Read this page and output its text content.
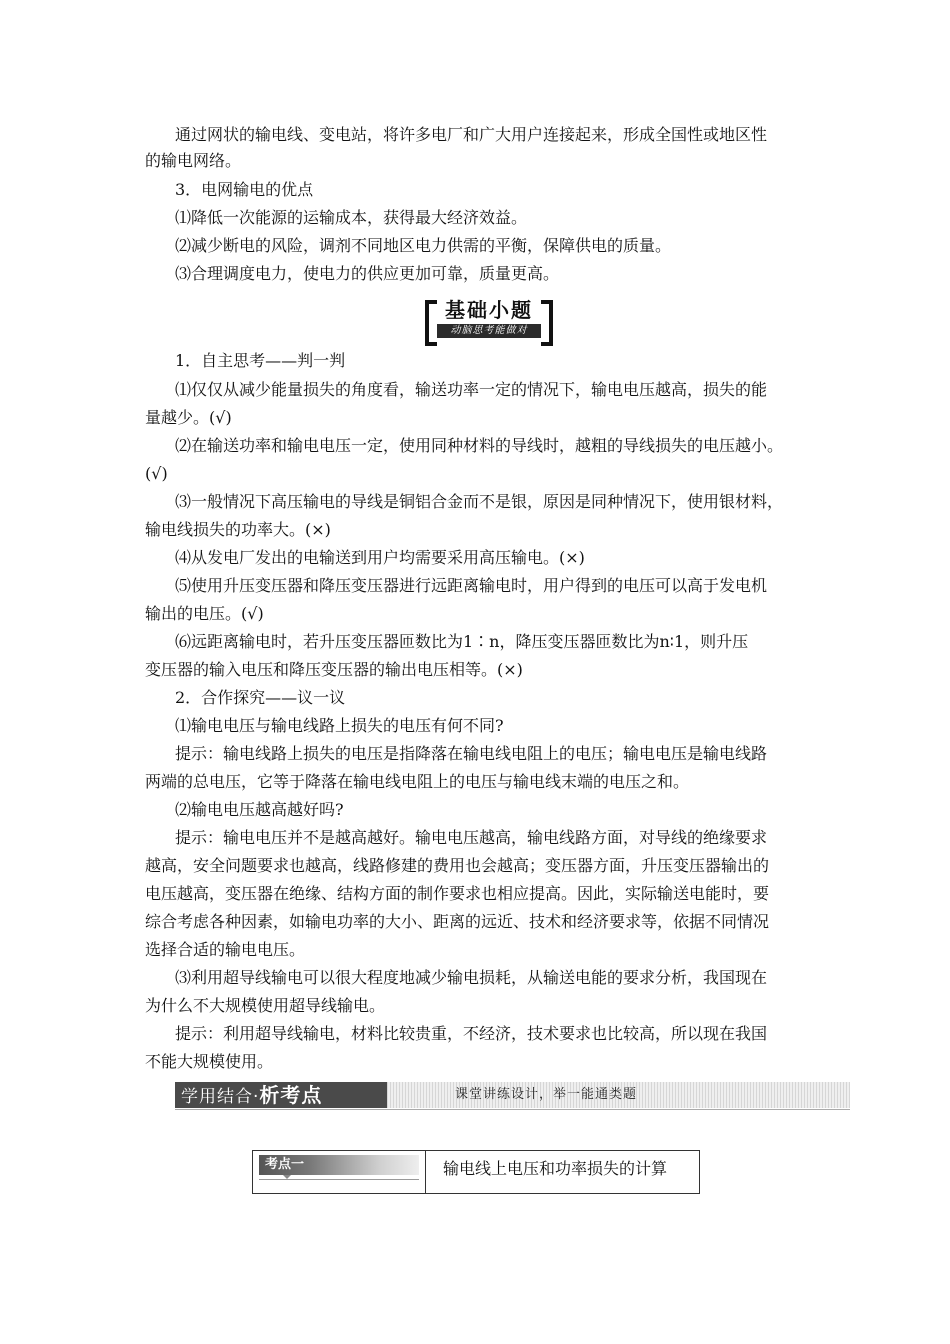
通过网状的输电线、变电站，将许多电厂和广大用户连接起来，形成全国性或地区性
的输电网络。
3．电网输电的优点
⑴降低一次能源的运输成本，获得最大经济效益。
⑵减少断电的风险，调剂不同地区电力供需的平衡，保障供电的质量。
⑶合理调度电力，使电力的供应更加可靠，质量更高。
基础小题
动脑思考能做对
1．自主思考——判一判
⑴仅仅从减少能量损失的角度看，输送功率一定的情况下，输电电压越高，损失的能
量越少。(√)
⑵在输送功率和输电电压一定，使用同种材料的导线时，越粗的导线损失的电压越小。
(√)
⑶一般情况下高压输电的导线是铜铝合金而不是银，原因是同种情况下，使用银材料，
输电线损失的功率大。(×)
⑷从发电厂发出的电输送到用户均需要采用高压输电。(×)
⑸使用升压变压器和降压变压器进行远距离输电时，用户得到的电压可以高于发电机
输出的电压。(√)
⑹远距离输电时，若升压变压器匝数比为1∶n，降压变压器匝数比为n∶1，则升压
变压器的输入电压和降压变压器的输出电压相等。(×)
2．合作探究——议一议
⑴输电电压与输电线路上损失的电压有何不同?
提示：输电线路上损失的电压是指降落在输电线电阻上的电压；输电电压是输电线路
两端的总电压，它等于降落在输电线电阻上的电压与输电线末端的电压之和。
⑵输电电压越高越好吗?
提示：输电电压并不是越高越好。输电电压越高，输电线路方面，对导线的绝缘要求
越高，安全问题要求也越高，线路修建的费用也会越高；变压器方面，升压变压器输出的
电压越高，变压器在绝缘、结构方面的制作要求也相应提高。因此，实际输送电能时，要
综合考虑各种因素，如输电功率的大小、距离的远近、技术和经济要求等，依据不同情况
选择合适的输电电压。
⑶利用超导线输电可以很大程度地减少输电损耗，从输送电能的要求分析，我国现在
为什么不大规模使用超导线输电。
提示：利用超导线输电，材料比较贵重，不经济，技术要求也比较高，所以现在我国
不能大规模使用。
学用结合·析考点	课堂讲练设计，举一能通类题
考点一	输电线上电压和功率损失的计算
